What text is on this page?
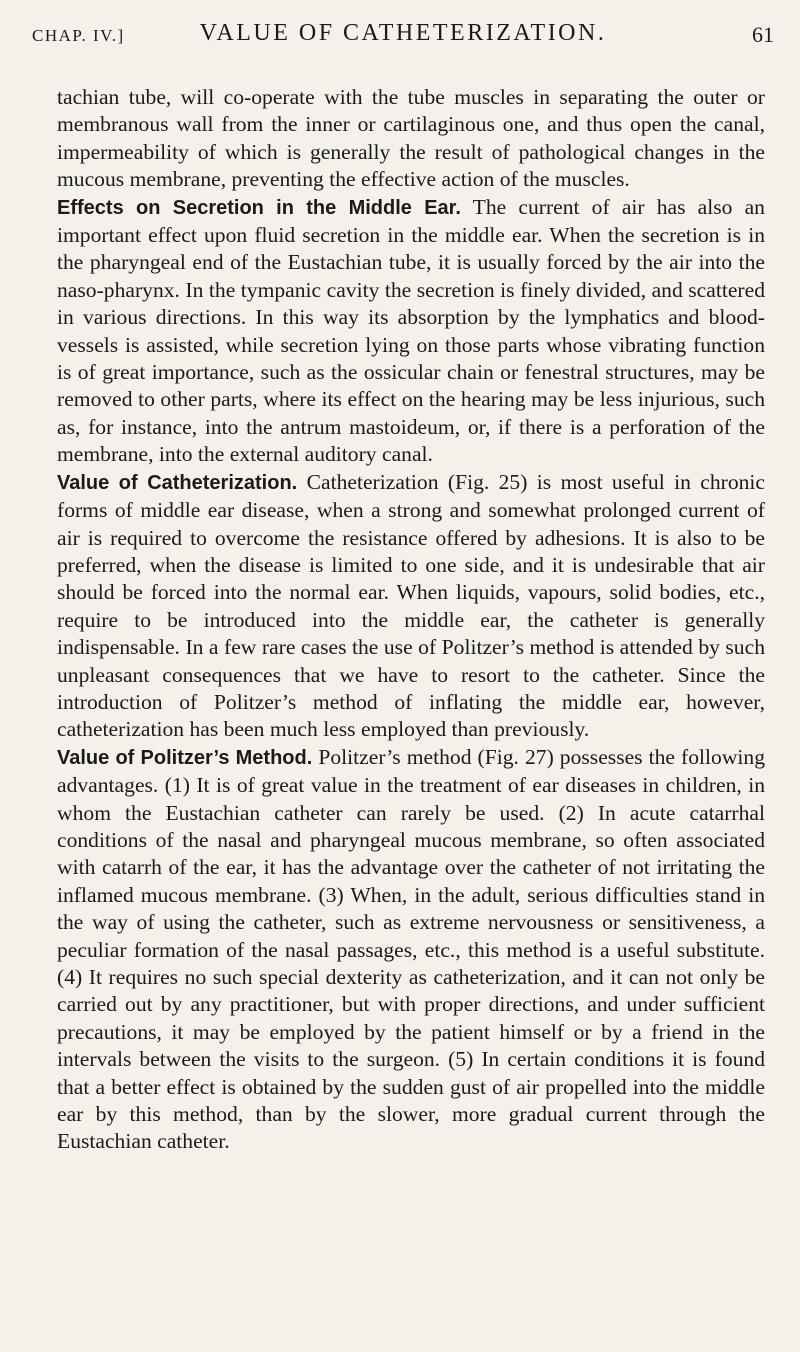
CHAP. IV.]	VALUE OF CATHETERIZATION.	61

tachian tube, will co-operate with the tube muscles in separating the outer or membranous wall from the inner or cartilaginous one, and thus open the canal, impermeability of which is generally the result of pathological changes in the mucous membrane, preventing the effective action of the muscles.

Effects on Secretion in the Middle Ear. The current of air has also an important effect upon fluid secretion in the middle ear. When the secretion is in the pharyngeal end of the Eustachian tube, it is usually forced by the air into the naso-pharynx. In the tympanic cavity the secretion is finely divided, and scattered in various directions. In this way its absorption by the lymphatics and blood-vessels is assisted, while secretion lying on those parts whose vibrating function is of great importance, such as the ossicular chain or fenestral structures, may be removed to other parts, where its effect on the hearing may be less injurious, such as, for instance, into the antrum mastoideum, or, if there is a perforation of the membrane, into the external auditory canal.

Value of Catheterization. Catheterization (Fig. 25) is most useful in chronic forms of middle ear disease, when a strong and somewhat prolonged current of air is required to overcome the resistance offered by adhesions. It is also to be preferred, when the disease is limited to one side, and it is undesirable that air should be forced into the normal ear. When liquids, vapours, solid bodies, etc., require to be introduced into the middle ear, the catheter is generally indispensable. In a few rare cases the use of Politzer’s method is attended by such unpleasant consequences that we have to resort to the catheter. Since the introduction of Politzer’s method of inflating the middle ear, however, catheterization has been much less employed than previously.

Value of Politzer’s Method. Politzer’s method (Fig. 27) possesses the following advantages. (1) It is of great value in the treatment of ear diseases in children, in whom the Eustachian catheter can rarely be used. (2) In acute catarrhal conditions of the nasal and pharyngeal mucous membrane, so often associated with catarrh of the ear, it has the advantage over the catheter of not irritating the inflamed mucous membrane. (3) When, in the adult, serious difficulties stand in the way of using the catheter, such as extreme nervousness or sensitiveness, a peculiar formation of the nasal passages, etc., this method is a useful substitute. (4) It requires no such special dexterity as catheterization, and it can not only be carried out by any practitioner, but with proper directions, and under sufficient precautions, it may be employed by the patient himself or by a friend in the intervals between the visits to the surgeon. (5) In certain conditions it is found that a better effect is obtained by the sudden gust of air propelled into the middle ear by this method, than by the slower, more gradual current through the Eustachian catheter.
